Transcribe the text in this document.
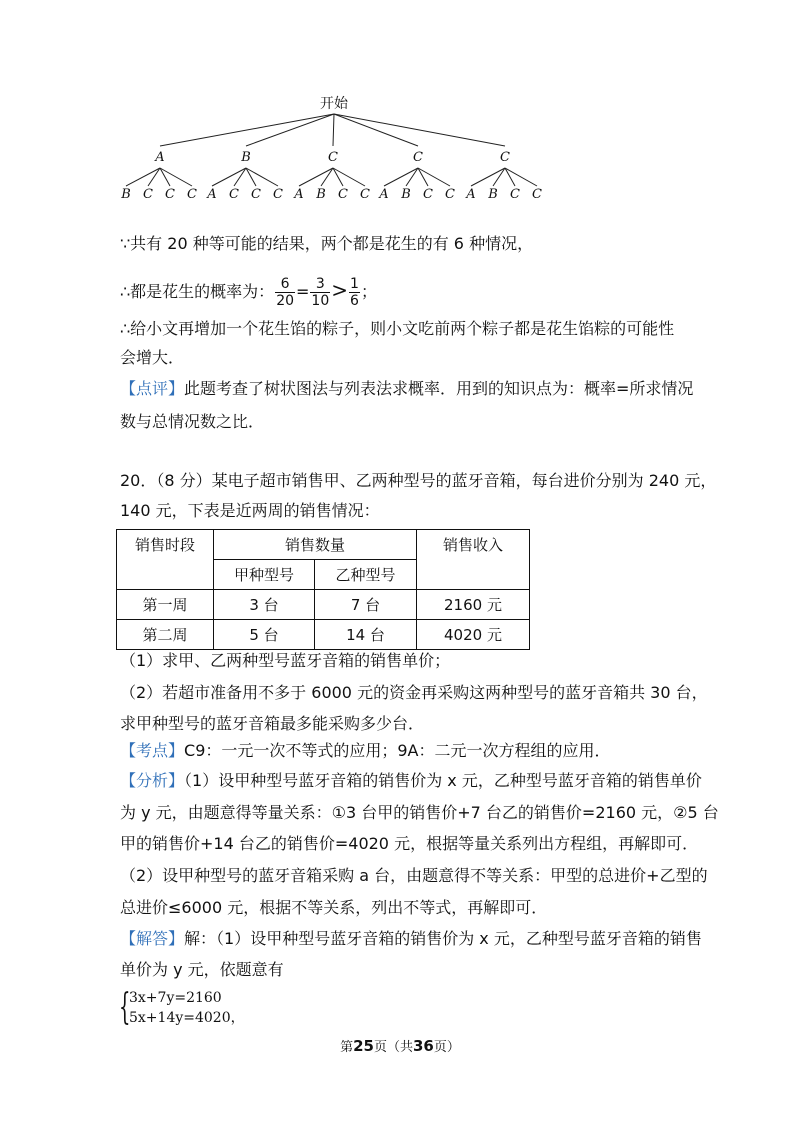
开始
A
B C C C
B
A C C C
C
A B C C
C
A B C C
C
A B C C
∵共有 20 种等可能的结果，两个都是花生的有 6 种情况，
∴都是花生的概率为： $\frac{6}{20} = \frac{3}{10} > \frac{1}{6}$ ；
∴给小文再增加一个花生馅的粽子，则小文吃前两个粽子都是花生馅粽的可能性
会增大．
【点评】此题考查了树状图法与列表法求概率．用到的知识点为：概率=所求情况
数与总情况数之比．
20．（8 分）某电子超市销售甲、乙两种型号的蓝牙音箱，每台进价分别为 240 元，
140 元，下表是近两周的销售情况：
销售时段	销售数量		销售收入
	甲种型号	乙种型号	
第一周	3 台	7 台	2160 元
第二周	5 台	14 台	4020 元
（1）求甲、乙两种型号蓝牙音箱的销售单价；
（2）若超市准备用不多于 6000 元的资金再采购这两种型号的蓝牙音箱共 30 台，
求甲种型号的蓝牙音箱最多能采购多少台．
【考点】C9：一元一次不等式的应用；9A：二元一次方程组的应用．
【分析】（1）设甲种型号蓝牙音箱的销售价为 x 元，乙种型号蓝牙音箱的销售单价
为 y 元，由题意得等量关系：①3 台甲的销售价+7 台乙的销售价=2160 元，②5 台
甲的销售价+14 台乙的销售价=4020 元，根据等量关系列出方程组，再解即可．
（2）设甲种型号的蓝牙音箱采购 a 台，由题意得不等关系：甲型的总进价+乙型的
总进价≤6000 元，根据不等关系，列出不等式，再解即可．
【解答】解：（1）设甲种型号蓝牙音箱的销售价为 x 元，乙种型号蓝牙音箱的销售
单价为 y 元，依题意有
{
3x+7y=2160
5x+14y=4020，
第25页（共36页）
